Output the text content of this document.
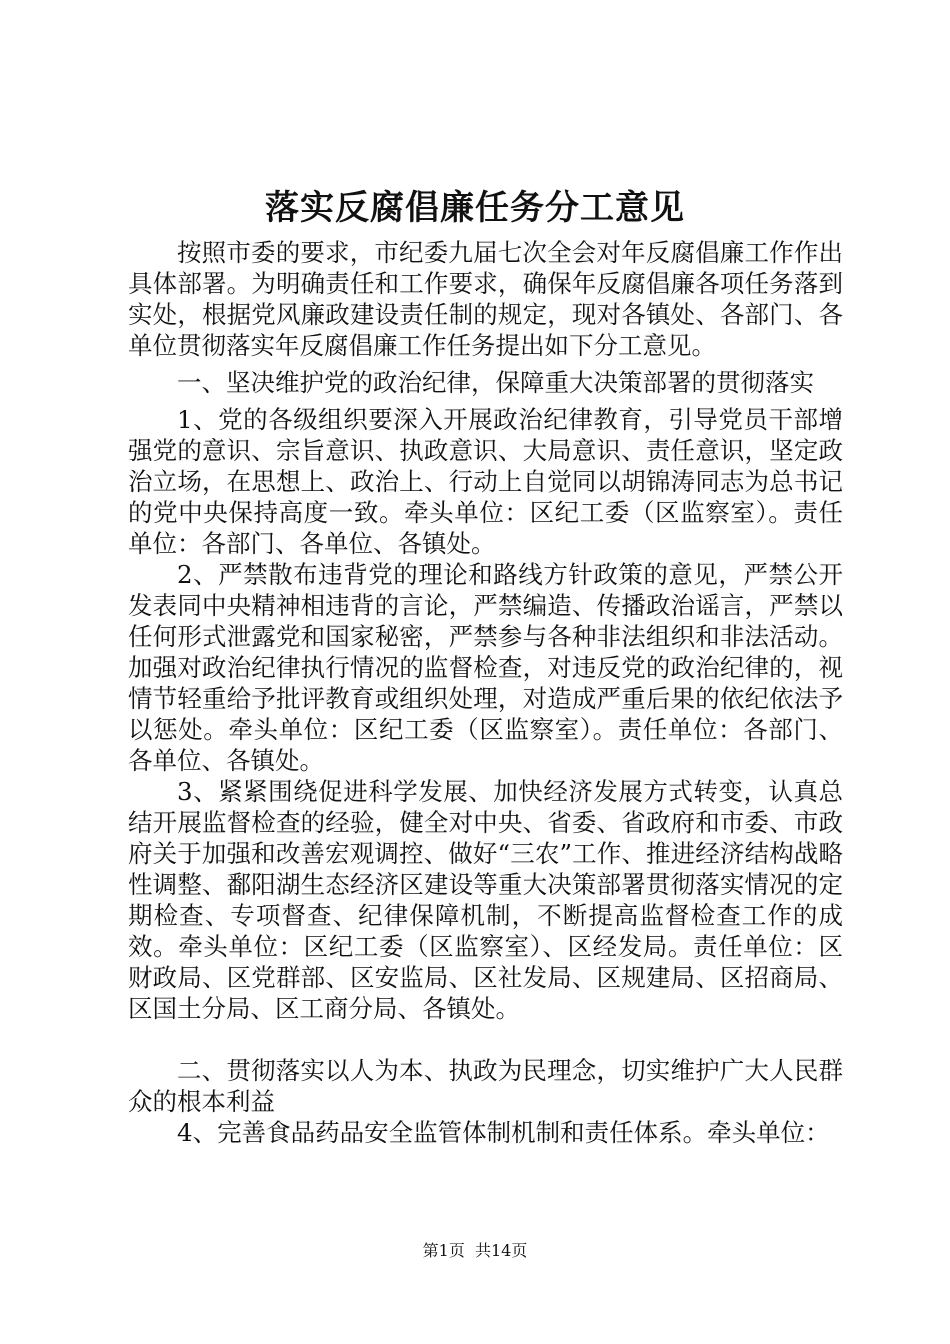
落实反腐倡廉任务分工意见

按照市委的要求，市纪委九届七次全会对年反腐倡廉工作作出具体部署。为明确责任和工作要求，确保年反腐倡廉各项任务落到实处，根据党风廉政建设责任制的规定，现对各镇处、各部门、各单位贯彻落实年反腐倡廉工作任务提出如下分工意见。

一、坚决维护党的政治纪律，保障重大决策部署的贯彻落实

1、党的各级组织要深入开展政治纪律教育，引导党员干部增强党的意识、宗旨意识、执政意识、大局意识、责任意识，坚定政治立场，在思想上、政治上、行动上自觉同以胡锦涛同志为总书记的党中央保持高度一致。牵头单位：区纪工委（区监察室）。责任单位：各部门、各单位、各镇处。

2、严禁散布违背党的理论和路线方针政策的意见，严禁公开发表同中央精神相违背的言论，严禁编造、传播政治谣言，严禁以任何形式泄露党和国家秘密，严禁参与各种非法组织和非法活动。加强对政治纪律执行情况的监督检查，对违反党的政治纪律的，视情节轻重给予批评教育或组织处理，对造成严重后果的依纪依法予以惩处。牵头单位：区纪工委（区监察室）。责任单位：各部门、各单位、各镇处。

3、紧紧围绕促进科学发展、加快经济发展方式转变，认真总结开展监督检查的经验，健全对中央、省委、省政府和市委、市政府关于加强和改善宏观调控、做好“三农”工作、推进经济结构战略性调整、鄱阳湖生态经济区建设等重大决策部署贯彻落实情况的定期检查、专项督查、纪律保障机制，不断提高监督检查工作的成效。牵头单位：区纪工委（区监察室）、区经发局。责任单位：区财政局、区党群部、区安监局、区社发局、区规建局、区招商局、区国土分局、区工商分局、各镇处。

二、贯彻落实以人为本、执政为民理念，切实维护广大人民群众的根本利益

4、完善食品药品安全监管体制机制和责任体系。牵头单位：

第1页  共14页
